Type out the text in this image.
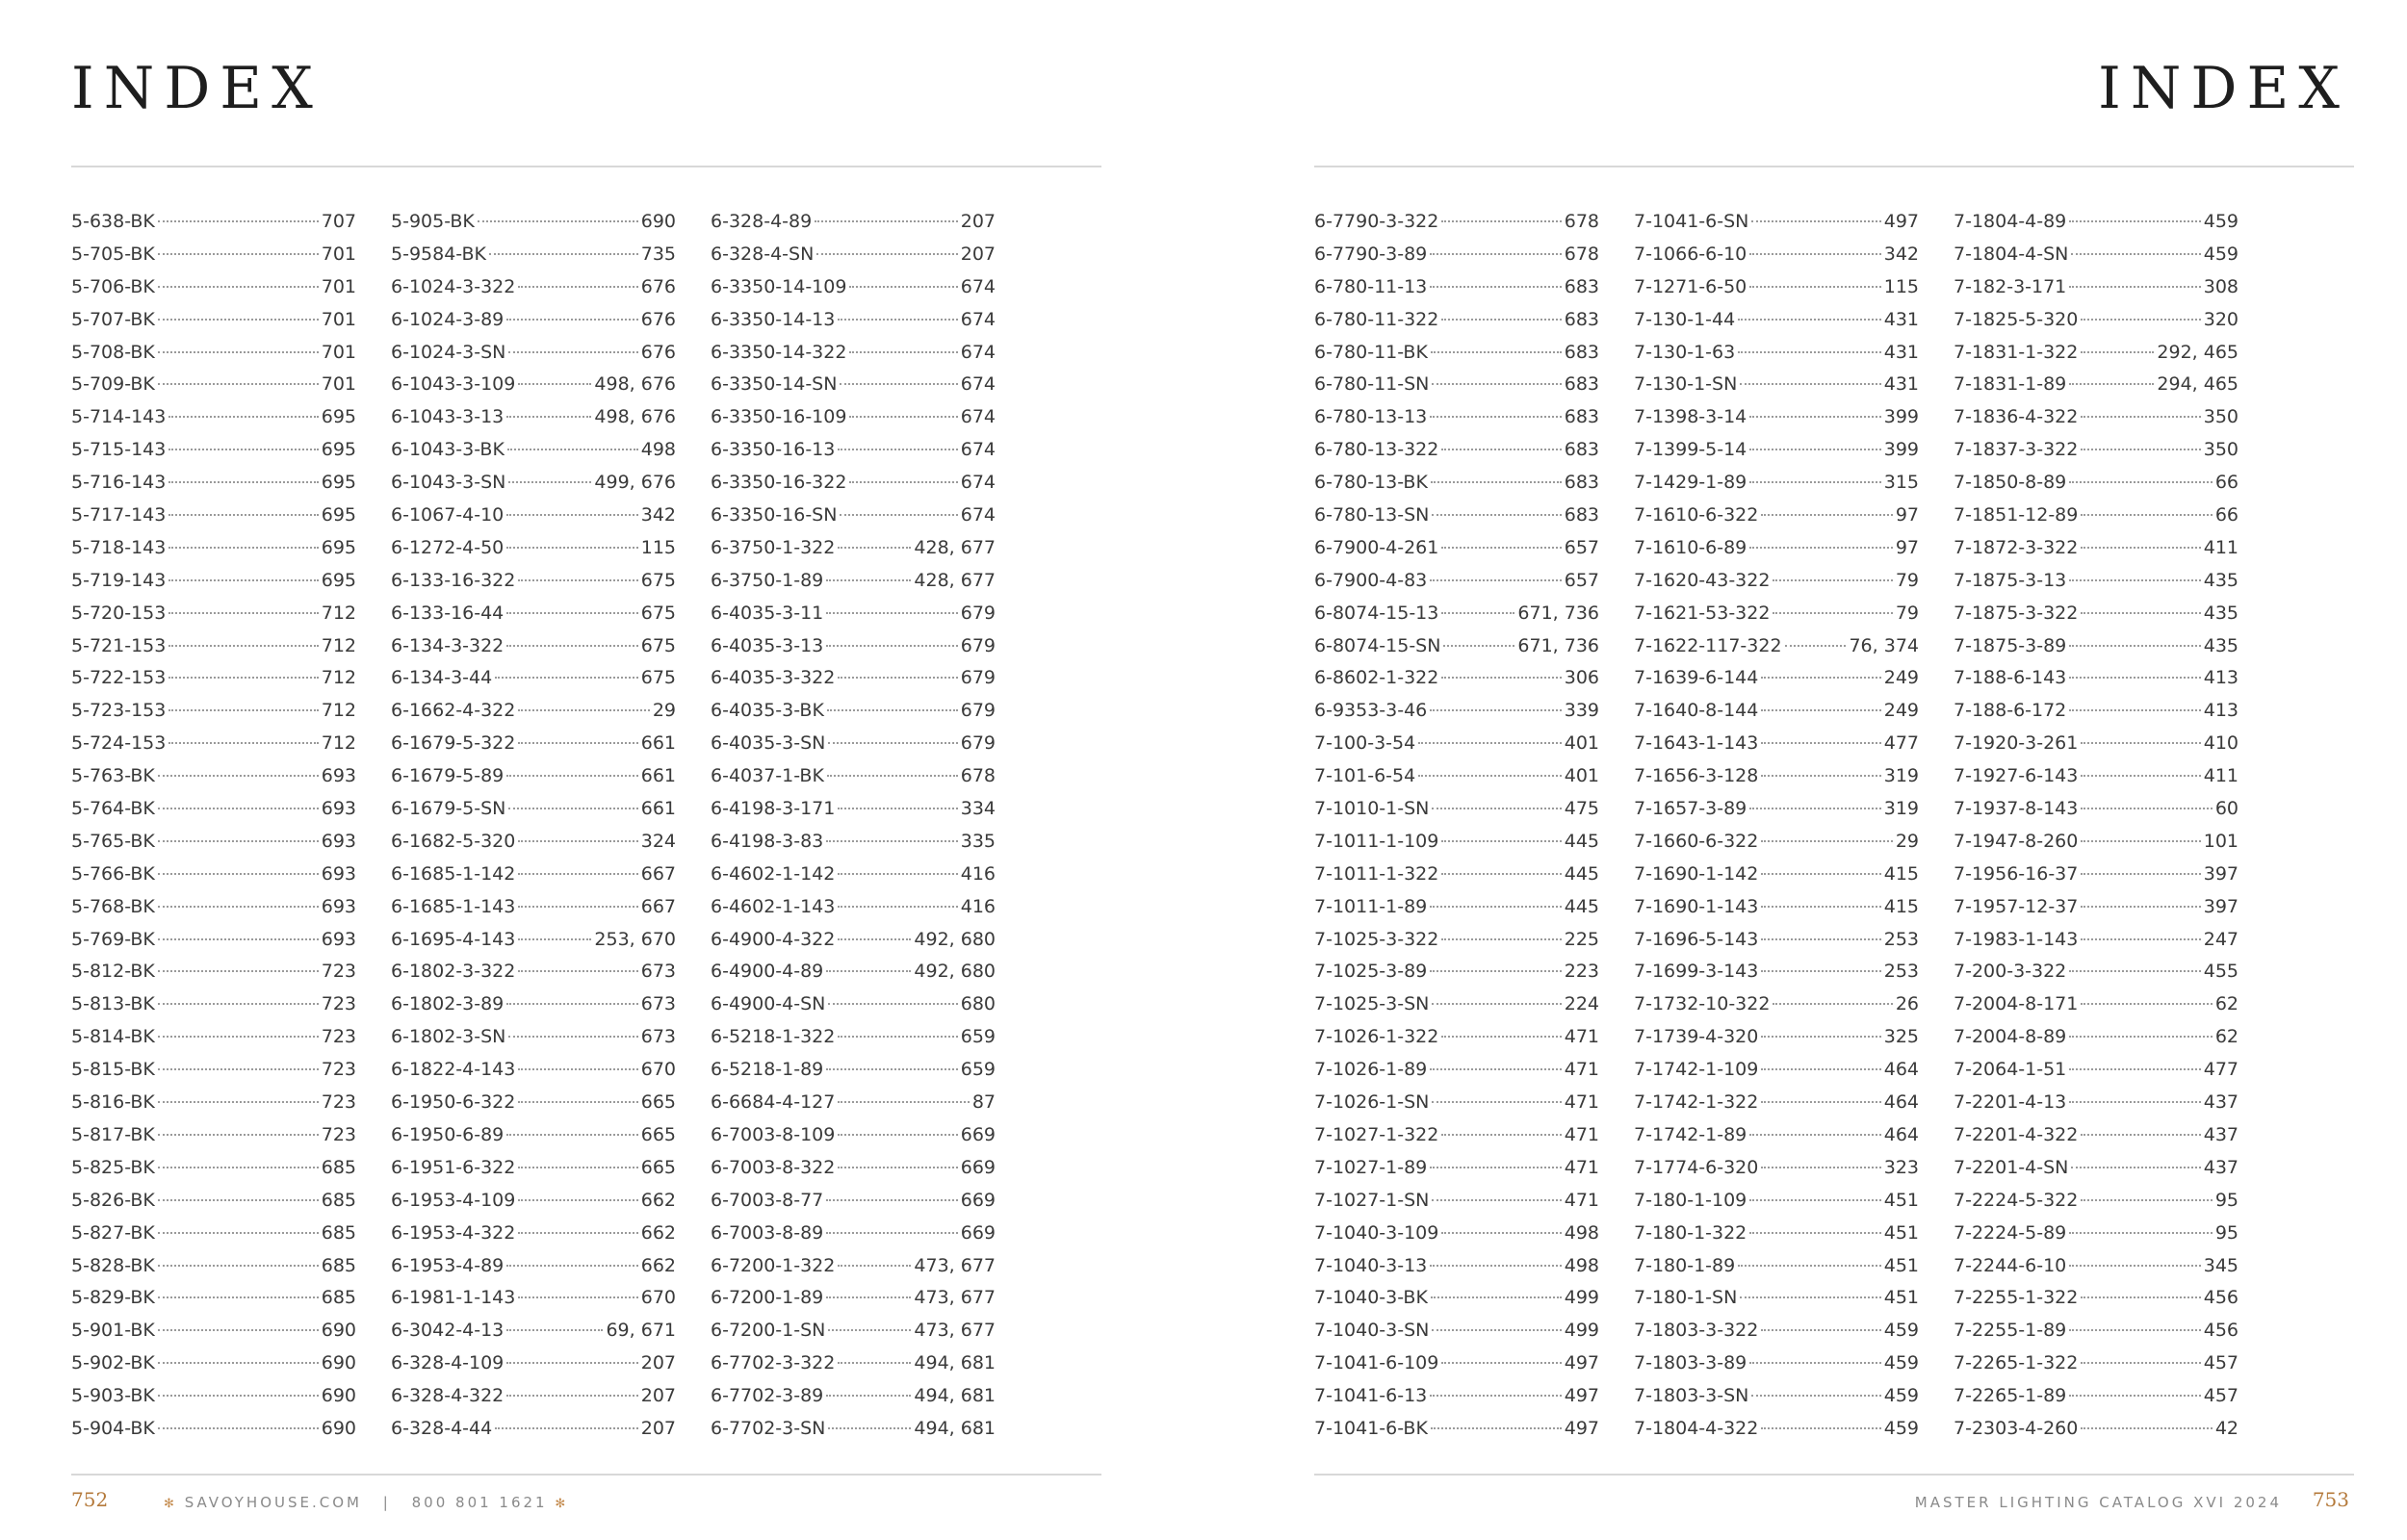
INDEX
5-638-BK	707
5-705-BK	701
5-706-BK	701
5-707-BK	701
5-708-BK	701
5-709-BK	701
5-714-143	695
5-715-143	695
5-716-143	695
5-717-143	695
5-718-143	695
5-719-143	695
5-720-153	712
5-721-153	712
5-722-153	712
5-723-153	712
5-724-153	712
5-763-BK	693
5-764-BK	693
5-765-BK	693
5-766-BK	693
5-768-BK	693
5-769-BK	693
5-812-BK	723
5-813-BK	723
5-814-BK	723
5-815-BK	723
5-816-BK	723
5-817-BK	723
5-825-BK	685
5-826-BK	685
5-827-BK	685
5-828-BK	685
5-829-BK	685
5-901-BK	690
5-902-BK	690
5-903-BK	690
5-904-BK	690
5-905-BK	690
5-9584-BK	735
6-1024-3-322	676
6-1024-3-89	676
6-1024-3-SN	676
6-1043-3-109	498, 676
6-1043-3-13	498, 676
6-1043-3-BK	498
6-1043-3-SN	499, 676
6-1067-4-10	342
6-1272-4-50	115
6-133-16-322	675
6-133-16-44	675
6-134-3-322	675
6-134-3-44	675
6-1662-4-322	29
6-1679-5-322	661
6-1679-5-89	661
6-1679-5-SN	661
6-1682-5-320	324
6-1685-1-142	667
6-1685-1-143	667
6-1695-4-143	253, 670
6-1802-3-322	673
6-1802-3-89	673
6-1802-3-SN	673
6-1822-4-143	670
6-1950-6-322	665
6-1950-6-89	665
6-1951-6-322	665
6-1953-4-109	662
6-1953-4-322	662
6-1953-4-89	662
6-1981-1-143	670
6-3042-4-13	69, 671
6-328-4-109	207
6-328-4-322	207
6-328-4-44	207
6-328-4-89	207
6-328-4-SN	207
6-3350-14-109	674
6-3350-14-13	674
6-3350-14-322	674
6-3350-14-SN	674
6-3350-16-109	674
6-3350-16-13	674
6-3350-16-322	674
6-3350-16-SN	674
6-3750-1-322	428, 677
6-3750-1-89	428, 677
6-4035-3-11	679
6-4035-3-13	679
6-4035-3-322	679
6-4035-3-BK	679
6-4035-3-SN	679
6-4037-1-BK	678
6-4198-3-171	334
6-4198-3-83	335
6-4602-1-142	416
6-4602-1-143	416
6-4900-4-322	492, 680
6-4900-4-89	492, 680
6-4900-4-SN	680
6-5218-1-322	659
6-5218-1-89	659
6-6684-4-127	87
6-7003-8-109	669
6-7003-8-322	669
6-7003-8-77	669
6-7003-8-89	669
6-7200-1-322	473, 677
6-7200-1-89	473, 677
6-7200-1-SN	473, 677
6-7702-3-322	494, 681
6-7702-3-89	494, 681
6-7702-3-SN	494, 681
752	✻ SAVOYHOUSE.COM | 800 801 1621 ✻
INDEX
6-7790-3-322	678
6-7790-3-89	678
6-780-11-13	683
6-780-11-322	683
6-780-11-BK	683
6-780-11-SN	683
6-780-13-13	683
6-780-13-322	683
6-780-13-BK	683
6-780-13-SN	683
6-7900-4-261	657
6-7900-4-83	657
6-8074-15-13	671, 736
6-8074-15-SN	671, 736
6-8602-1-322	306
6-9353-3-46	339
7-100-3-54	401
7-101-6-54	401
7-1010-1-SN	475
7-1011-1-109	445
7-1011-1-322	445
7-1011-1-89	445
7-1025-3-322	225
7-1025-3-89	223
7-1025-3-SN	224
7-1026-1-322	471
7-1026-1-89	471
7-1026-1-SN	471
7-1027-1-322	471
7-1027-1-89	471
7-1027-1-SN	471
7-1040-3-109	498
7-1040-3-13	498
7-1040-3-BK	499
7-1040-3-SN	499
7-1041-6-109	497
7-1041-6-13	497
7-1041-6-BK	497
7-1041-6-SN	497
7-1066-6-10	342
7-1271-6-50	115
7-130-1-44	431
7-130-1-63	431
7-130-1-SN	431
7-1398-3-14	399
7-1399-5-14	399
7-1429-1-89	315
7-1610-6-322	97
7-1610-6-89	97
7-1620-43-322	79
7-1621-53-322	79
7-1622-117-322	76, 374
7-1639-6-144	249
7-1640-8-144	249
7-1643-1-143	477
7-1656-3-128	319
7-1657-3-89	319
7-1660-6-322	29
7-1690-1-142	415
7-1690-1-143	415
7-1696-5-143	253
7-1699-3-143	253
7-1732-10-322	26
7-1739-4-320	325
7-1742-1-109	464
7-1742-1-322	464
7-1742-1-89	464
7-1774-6-320	323
7-180-1-109	451
7-180-1-322	451
7-180-1-89	451
7-180-1-SN	451
7-1803-3-322	459
7-1803-3-89	459
7-1803-3-SN	459
7-1804-4-322	459
7-1804-4-89	459
7-1804-4-SN	459
7-182-3-171	308
7-1825-5-320	320
7-1831-1-322	292, 465
7-1831-1-89	294, 465
7-1836-4-322	350
7-1837-3-322	350
7-1850-8-89	66
7-1851-12-89	66
7-1872-3-322	411
7-1875-3-13	435
7-1875-3-322	435
7-1875-3-89	435
7-188-6-143	413
7-188-6-172	413
7-1920-3-261	410
7-1927-6-143	411
7-1937-8-143	60
7-1947-8-260	101
7-1956-16-37	397
7-1957-12-37	397
7-1983-1-143	247
7-200-3-322	455
7-2004-8-171	62
7-2004-8-89	62
7-2064-1-51	477
7-2201-4-13	437
7-2201-4-322	437
7-2201-4-SN	437
7-2224-5-322	95
7-2224-5-89	95
7-2244-6-10	345
7-2255-1-322	456
7-2255-1-89	456
7-2265-1-322	457
7-2265-1-89	457
7-2303-4-260	42
MASTER LIGHTING CATALOG XVI 2024 753
